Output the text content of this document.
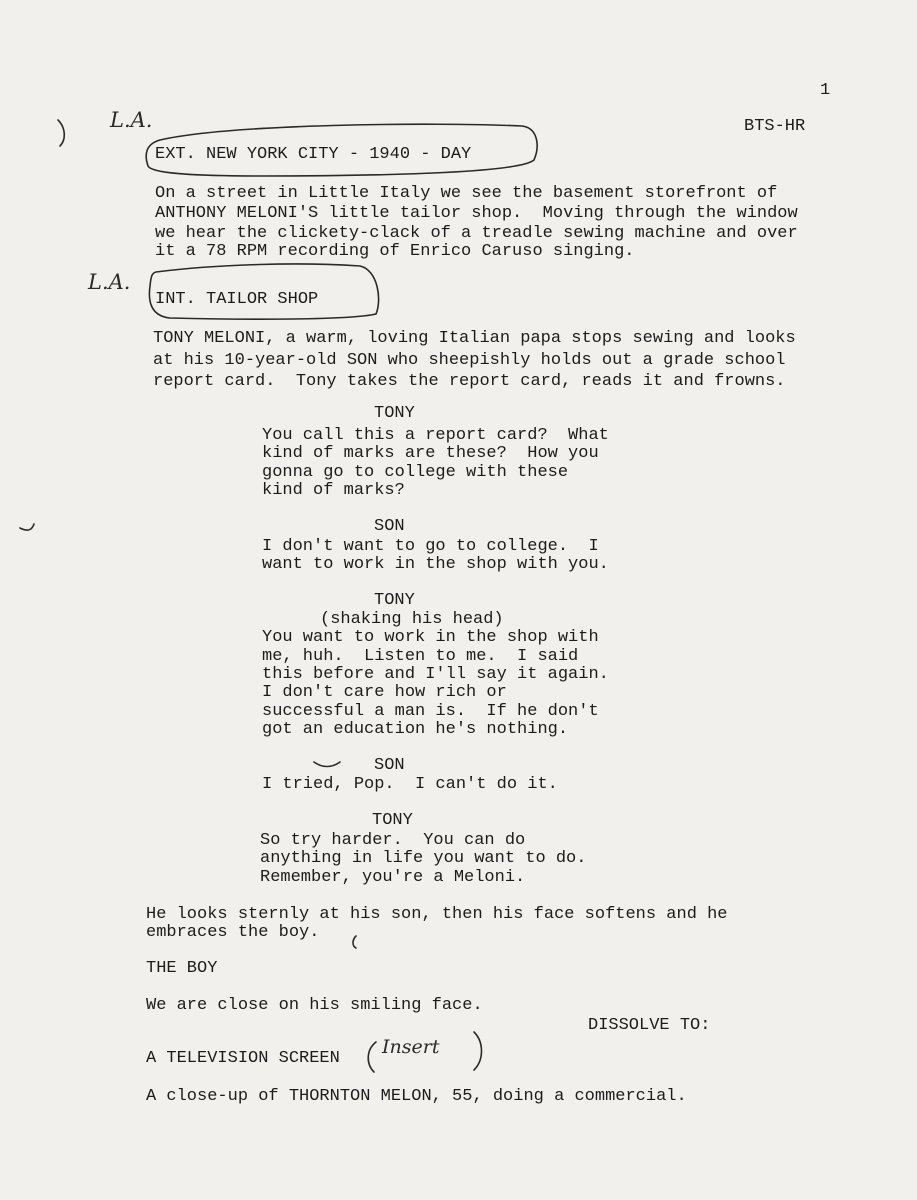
1
BTS-HR
L.A.
L.A.
EXT. NEW YORK CITY - 1940 - DAY
On a street in Little Italy we see the basement storefront of
ANTHONY MELONI'S little tailor shop.  Moving through the window
we hear the clickety-clack of a treadle sewing machine and over
it a 78 RPM recording of Enrico Caruso singing.
INT. TAILOR SHOP
TONY MELONI, a warm, loving Italian papa stops sewing and looks
at his 10-year-old SON who sheepishly holds out a grade school
report card.  Tony takes the report card, reads it and frowns.
TONY
You call this a report card?  What
kind of marks are these?  How you
gonna go to college with these
kind of marks?
SON
I don't want to go to college.  I
want to work in the shop with you.
TONY
(shaking his head)
You want to work in the shop with
me, huh.  Listen to me.  I said
this before and I'll say it again.
I don't care how rich or
successful a man is.  If he don't
got an education he's nothing.
SON
I tried, Pop.  I can't do it.
TONY
So try harder.  You can do
anything in life you want to do.
Remember, you're a Meloni.
He looks sternly at his son, then his face softens and he
embraces the boy.
THE BOY
We are close on his smiling face.
DISSOLVE TO:
A TELEVISION SCREEN
Insert
A close-up of THORNTON MELON, 55, doing a commercial.
